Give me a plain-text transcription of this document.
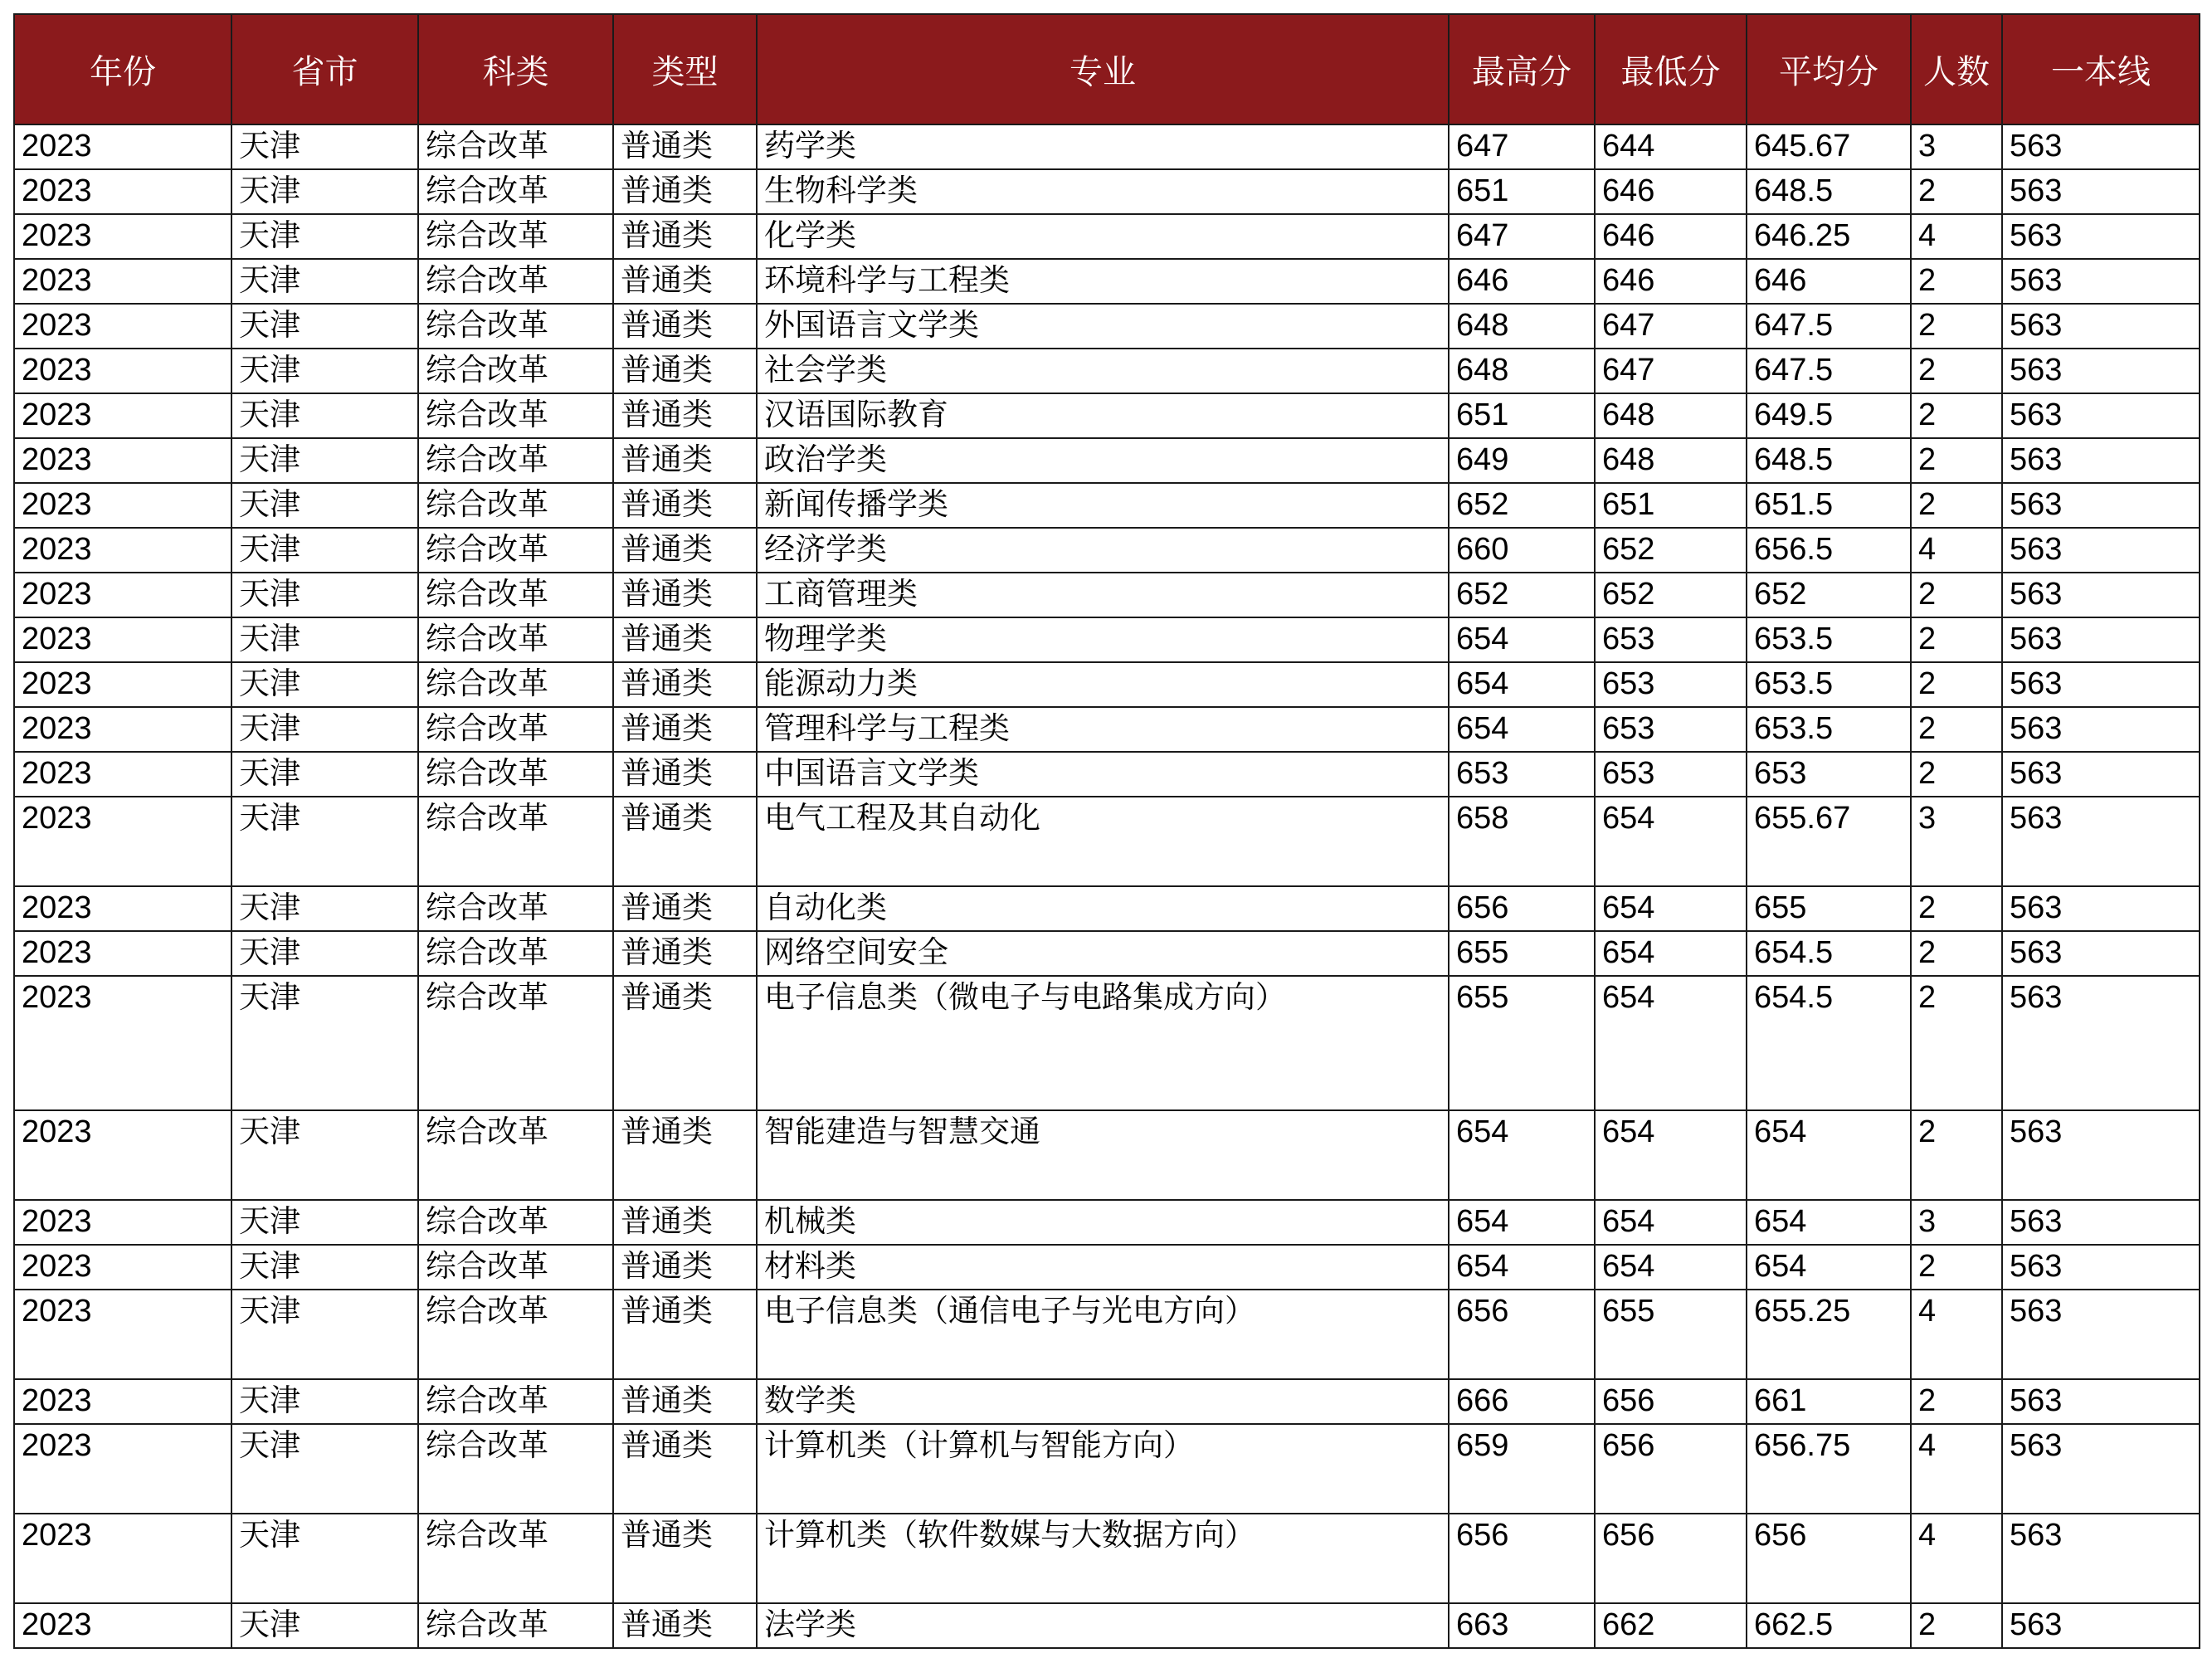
年份	省市	科类	类型	专业	最高分	最低分	平均分	人数	一本线
2023	天津	综合改革	普通类	药学类	647	644	645.67	3	563
2023	天津	综合改革	普通类	生物科学类	651	646	648.5	2	563
2023	天津	综合改革	普通类	化学类	647	646	646.25	4	563
2023	天津	综合改革	普通类	环境科学与工程类	646	646	646	2	563
2023	天津	综合改革	普通类	外国语言文学类	648	647	647.5	2	563
2023	天津	综合改革	普通类	社会学类	648	647	647.5	2	563
2023	天津	综合改革	普通类	汉语国际教育	651	648	649.5	2	563
2023	天津	综合改革	普通类	政治学类	649	648	648.5	2	563
2023	天津	综合改革	普通类	新闻传播学类	652	651	651.5	2	563
2023	天津	综合改革	普通类	经济学类	660	652	656.5	4	563
2023	天津	综合改革	普通类	工商管理类	652	652	652	2	563
2023	天津	综合改革	普通类	物理学类	654	653	653.5	2	563
2023	天津	综合改革	普通类	能源动力类	654	653	653.5	2	563
2023	天津	综合改革	普通类	管理科学与工程类	654	653	653.5	2	563
2023	天津	综合改革	普通类	中国语言文学类	653	653	653	2	563
2023	天津	综合改革	普通类	电气工程及其自动化	658	654	655.67	3	563
2023	天津	综合改革	普通类	自动化类	656	654	655	2	563
2023	天津	综合改革	普通类	网络空间安全	655	654	654.5	2	563
2023	天津	综合改革	普通类	电子信息类（微电子与电路集成方向）	655	654	654.5	2	563
2023	天津	综合改革	普通类	智能建造与智慧交通	654	654	654	2	563
2023	天津	综合改革	普通类	机械类	654	654	654	3	563
2023	天津	综合改革	普通类	材料类	654	654	654	2	563
2023	天津	综合改革	普通类	电子信息类（通信电子与光电方向）	656	655	655.25	4	563
2023	天津	综合改革	普通类	数学类	666	656	661	2	563
2023	天津	综合改革	普通类	计算机类（计算机与智能方向）	659	656	656.75	4	563
2023	天津	综合改革	普通类	计算机类（软件数媒与大数据方向）	656	656	656	4	563
2023	天津	综合改革	普通类	法学类	663	662	662.5	2	563
